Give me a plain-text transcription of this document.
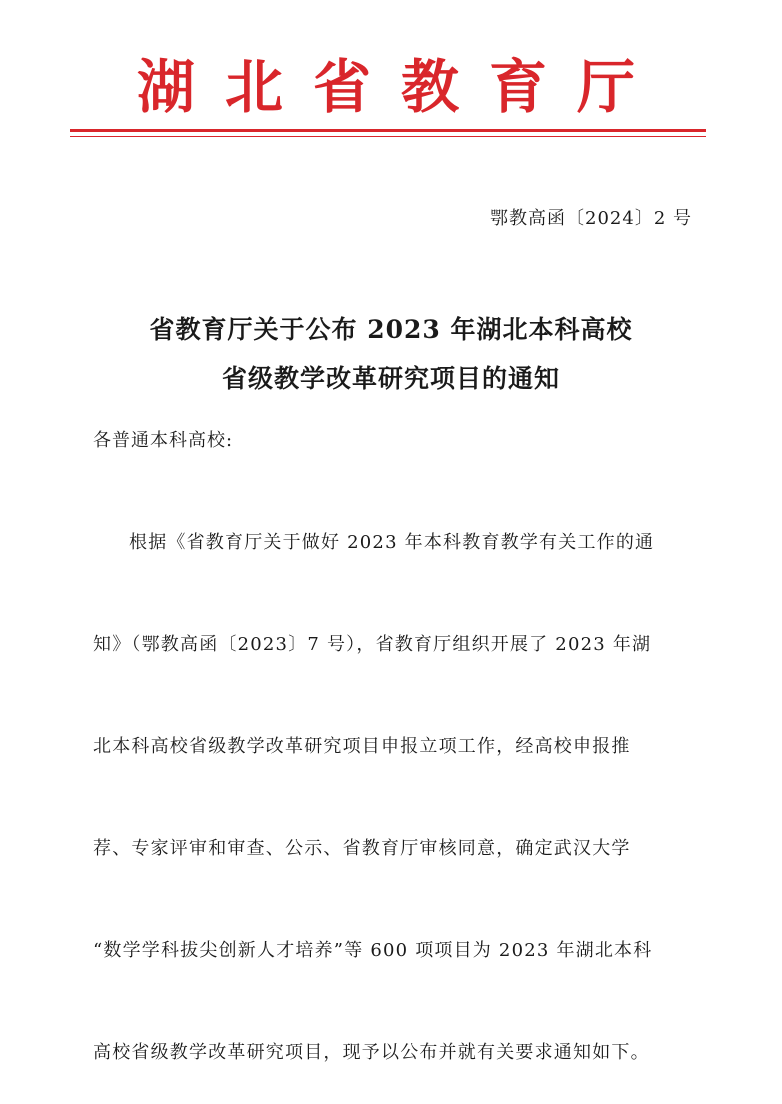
湖北省教育厅
鄂教高函〔2024〕2 号
省教育厅关于公布 2023 年湖北本科高校
省级教学改革研究项目的通知
各普通本科高校:

根据《省教育厅关于做好 2023 年本科教育教学有关工作的通

知》（鄂教高函〔2023〕7 号），省教育厅组织开展了 2023 年湖

北本科高校省级教学改革研究项目申报立项工作，经高校申报推

荐、专家评审和审查、公示、省教育厅审核同意，确定武汉大学

“数学学科拔尖创新人才培养”等 600 项项目为 2023 年湖北本科

高校省级教学改革研究项目，现予以公布并就有关要求通知如下。
